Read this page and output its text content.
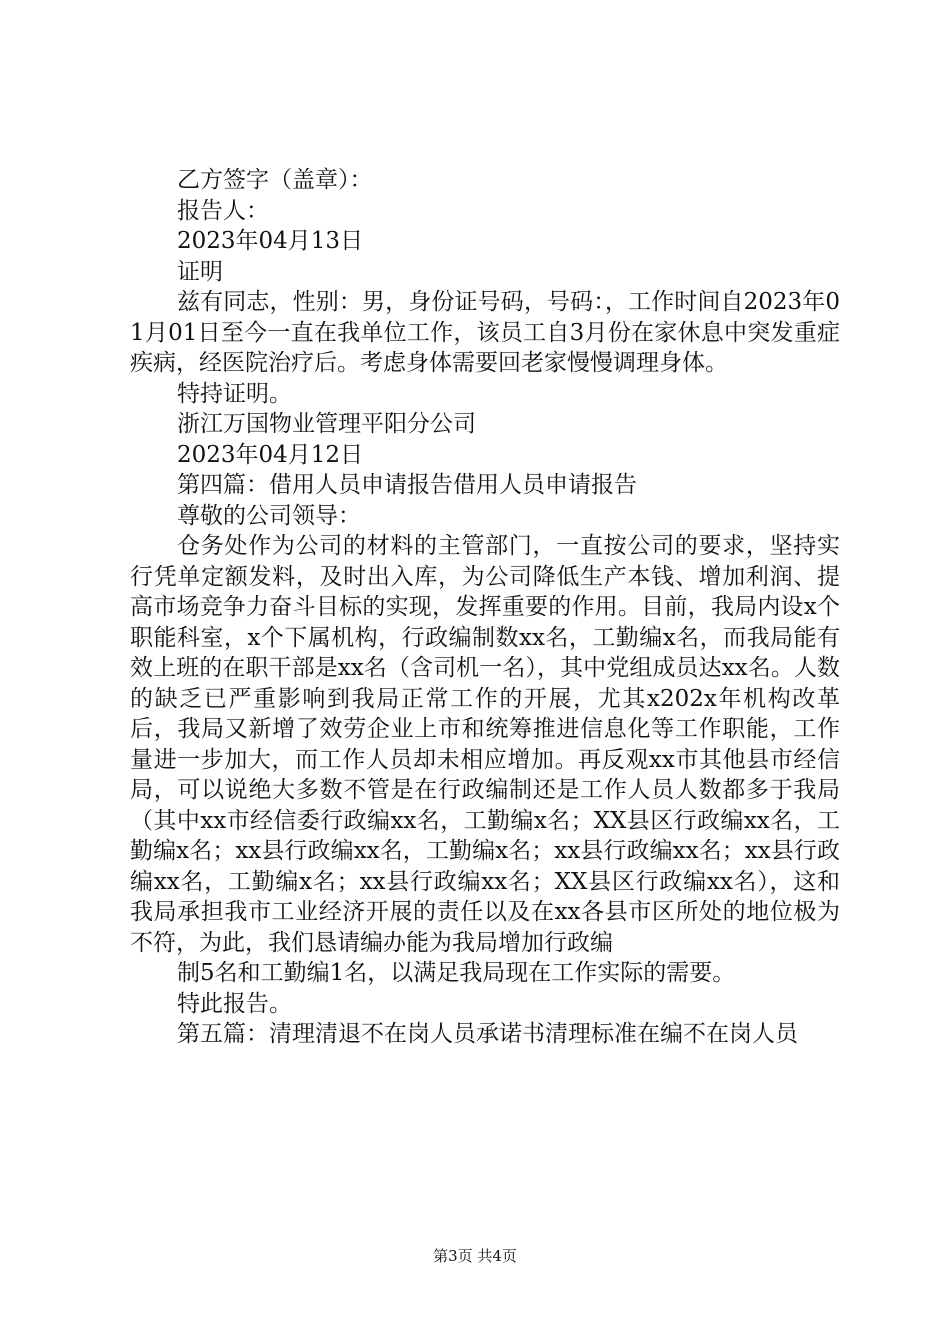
乙方签字（盖章）：

报告人：

2023年04月13日

证明

兹有同志，性别：男，身份证号码，号码：，工作时间自2023年01月01日至今一直在我单位工作，该员工自3月份在家休息中突发重症疾病，经医院治疗后。考虑身体需要回老家慢慢调理身体。

特持证明。

浙江万国物业管理平阳分公司

2023年04月12日

第四篇：借用人员申请报告借用人员申请报告

尊敬的公司领导：

仓务处作为公司的材料的主管部门，一直按公司的要求，坚持实行凭单定额发料，及时出入库，为公司降低生产本钱、增加利润、提高市场竞争力奋斗目标的实现，发挥重要的作用。目前，我局内设x个职能科室，x个下属机构，行政编制数xx名，工勤编x名，而我局能有效上班的在职干部是xx名（含司机一名），其中党组成员达xx名。人数的缺乏已严重影响到我局正常工作的开展，尤其x202x年机构改革后，我局又新增了效劳企业上市和统筹推进信息化等工作职能，工作量进一步加大，而工作人员却未相应增加。再反观xx市其他县市经信局，可以说绝大多数不管是在行政编制还是工作人员人数都多于我局（其中xx市经信委行政编xx名，工勤编x名；XX县区行政编xx名，工勤编x名；xx县行政编xx名，工勤编x名；xx县行政编xx名；xx县行政编xx名，工勤编x名；xx县行政编xx名；XX县区行政编xx名），这和我局承担我市工业经济开展的责任以及在xx各县市区所处的地位极为不符，为此，我们恳请编办能为我局增加行政编

制5名和工勤编1名，以满足我局现在工作实际的需要。

特此报告。

第五篇：清理清退不在岗人员承诺书清理标准在编不在岗人员

第3页 共4页
